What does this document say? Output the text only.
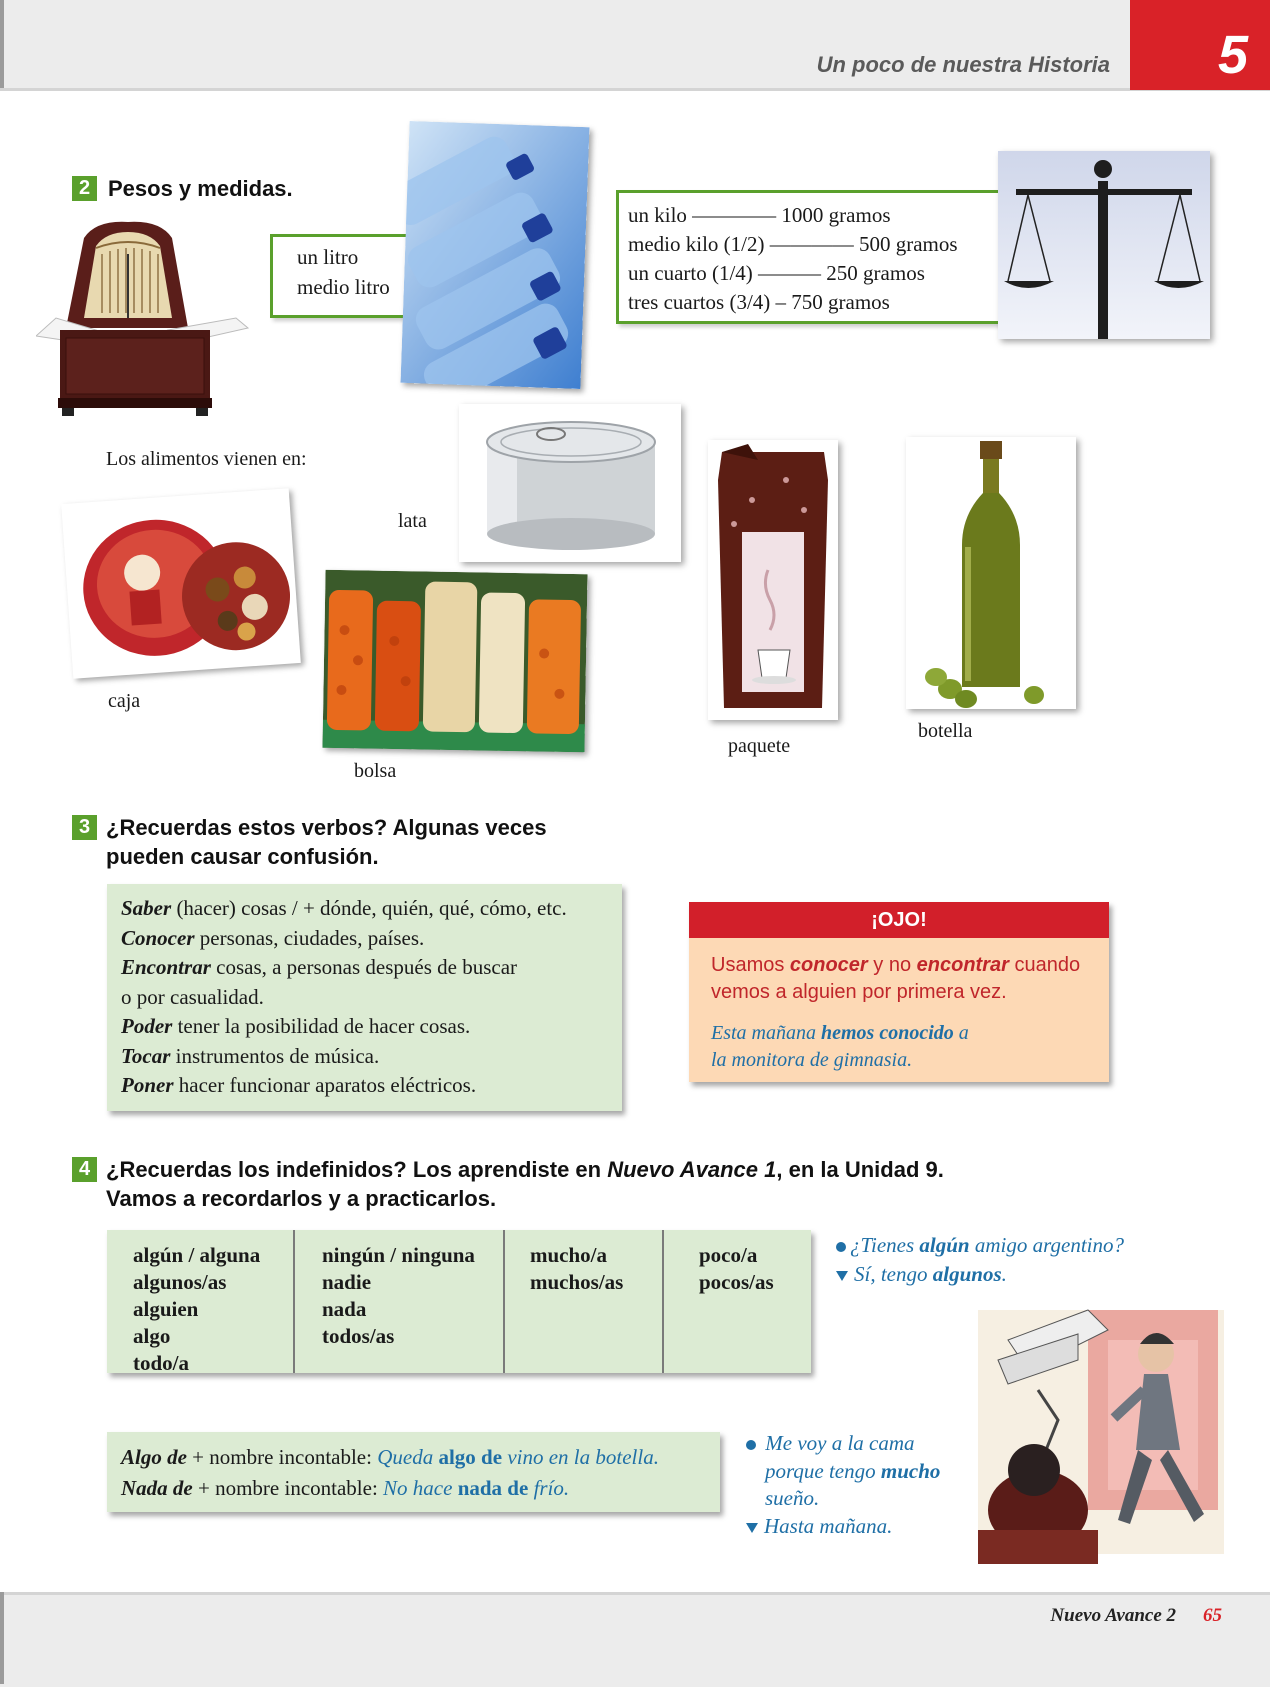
Un poco de nuestra Historia 5
2 Pesos y medidas.
un litro
medio litro
un kilo ———— 1000 gramos
medio kilo (1/2) ———— 500 gramos
un cuarto (1/4) ——— 250 gramos
tres cuartos (3/4) – 750 gramos
Los alimentos vienen en:
lata
caja
bolsa
paquete
botella
3 ¿Recuerdas estos verbos? Algunas veces
pueden causar confusión.
Saber (hacer) cosas / + dónde, quién, qué, cómo, etc.
Conocer personas, ciudades, países.
Encontrar cosas, a personas después de buscar
o por casualidad.
Poder tener la posibilidad de hacer cosas.
Tocar instrumentos de música.
Poner hacer funcionar aparatos eléctricos.
¡OJO!
Usamos conocer y no encontrar cuando
vemos a alguien por primera vez.
Esta mañana hemos conocido a
la monitora de gimnasia.
4 ¿Recuerdas los indefinidos? Los aprendiste en Nuevo Avance 1, en la Unidad 9.
Vamos a recordarlos y a practicarlos.
algún / alguna
algunos/as
alguien
algo
todo/a
ningún / ninguna
nadie
nada
todos/as
mucho/a
muchos/as
poco/a
pocos/as
¿Tienes algún amigo argentino?
Sí, tengo algunos.
Algo de + nombre incontable: Queda algo de vino en la botella.
Nada de + nombre incontable: No hace nada de frío.
Me voy a la cama
porque tengo mucho
sueño.
Hasta mañana.
Nuevo Avance 2 65
